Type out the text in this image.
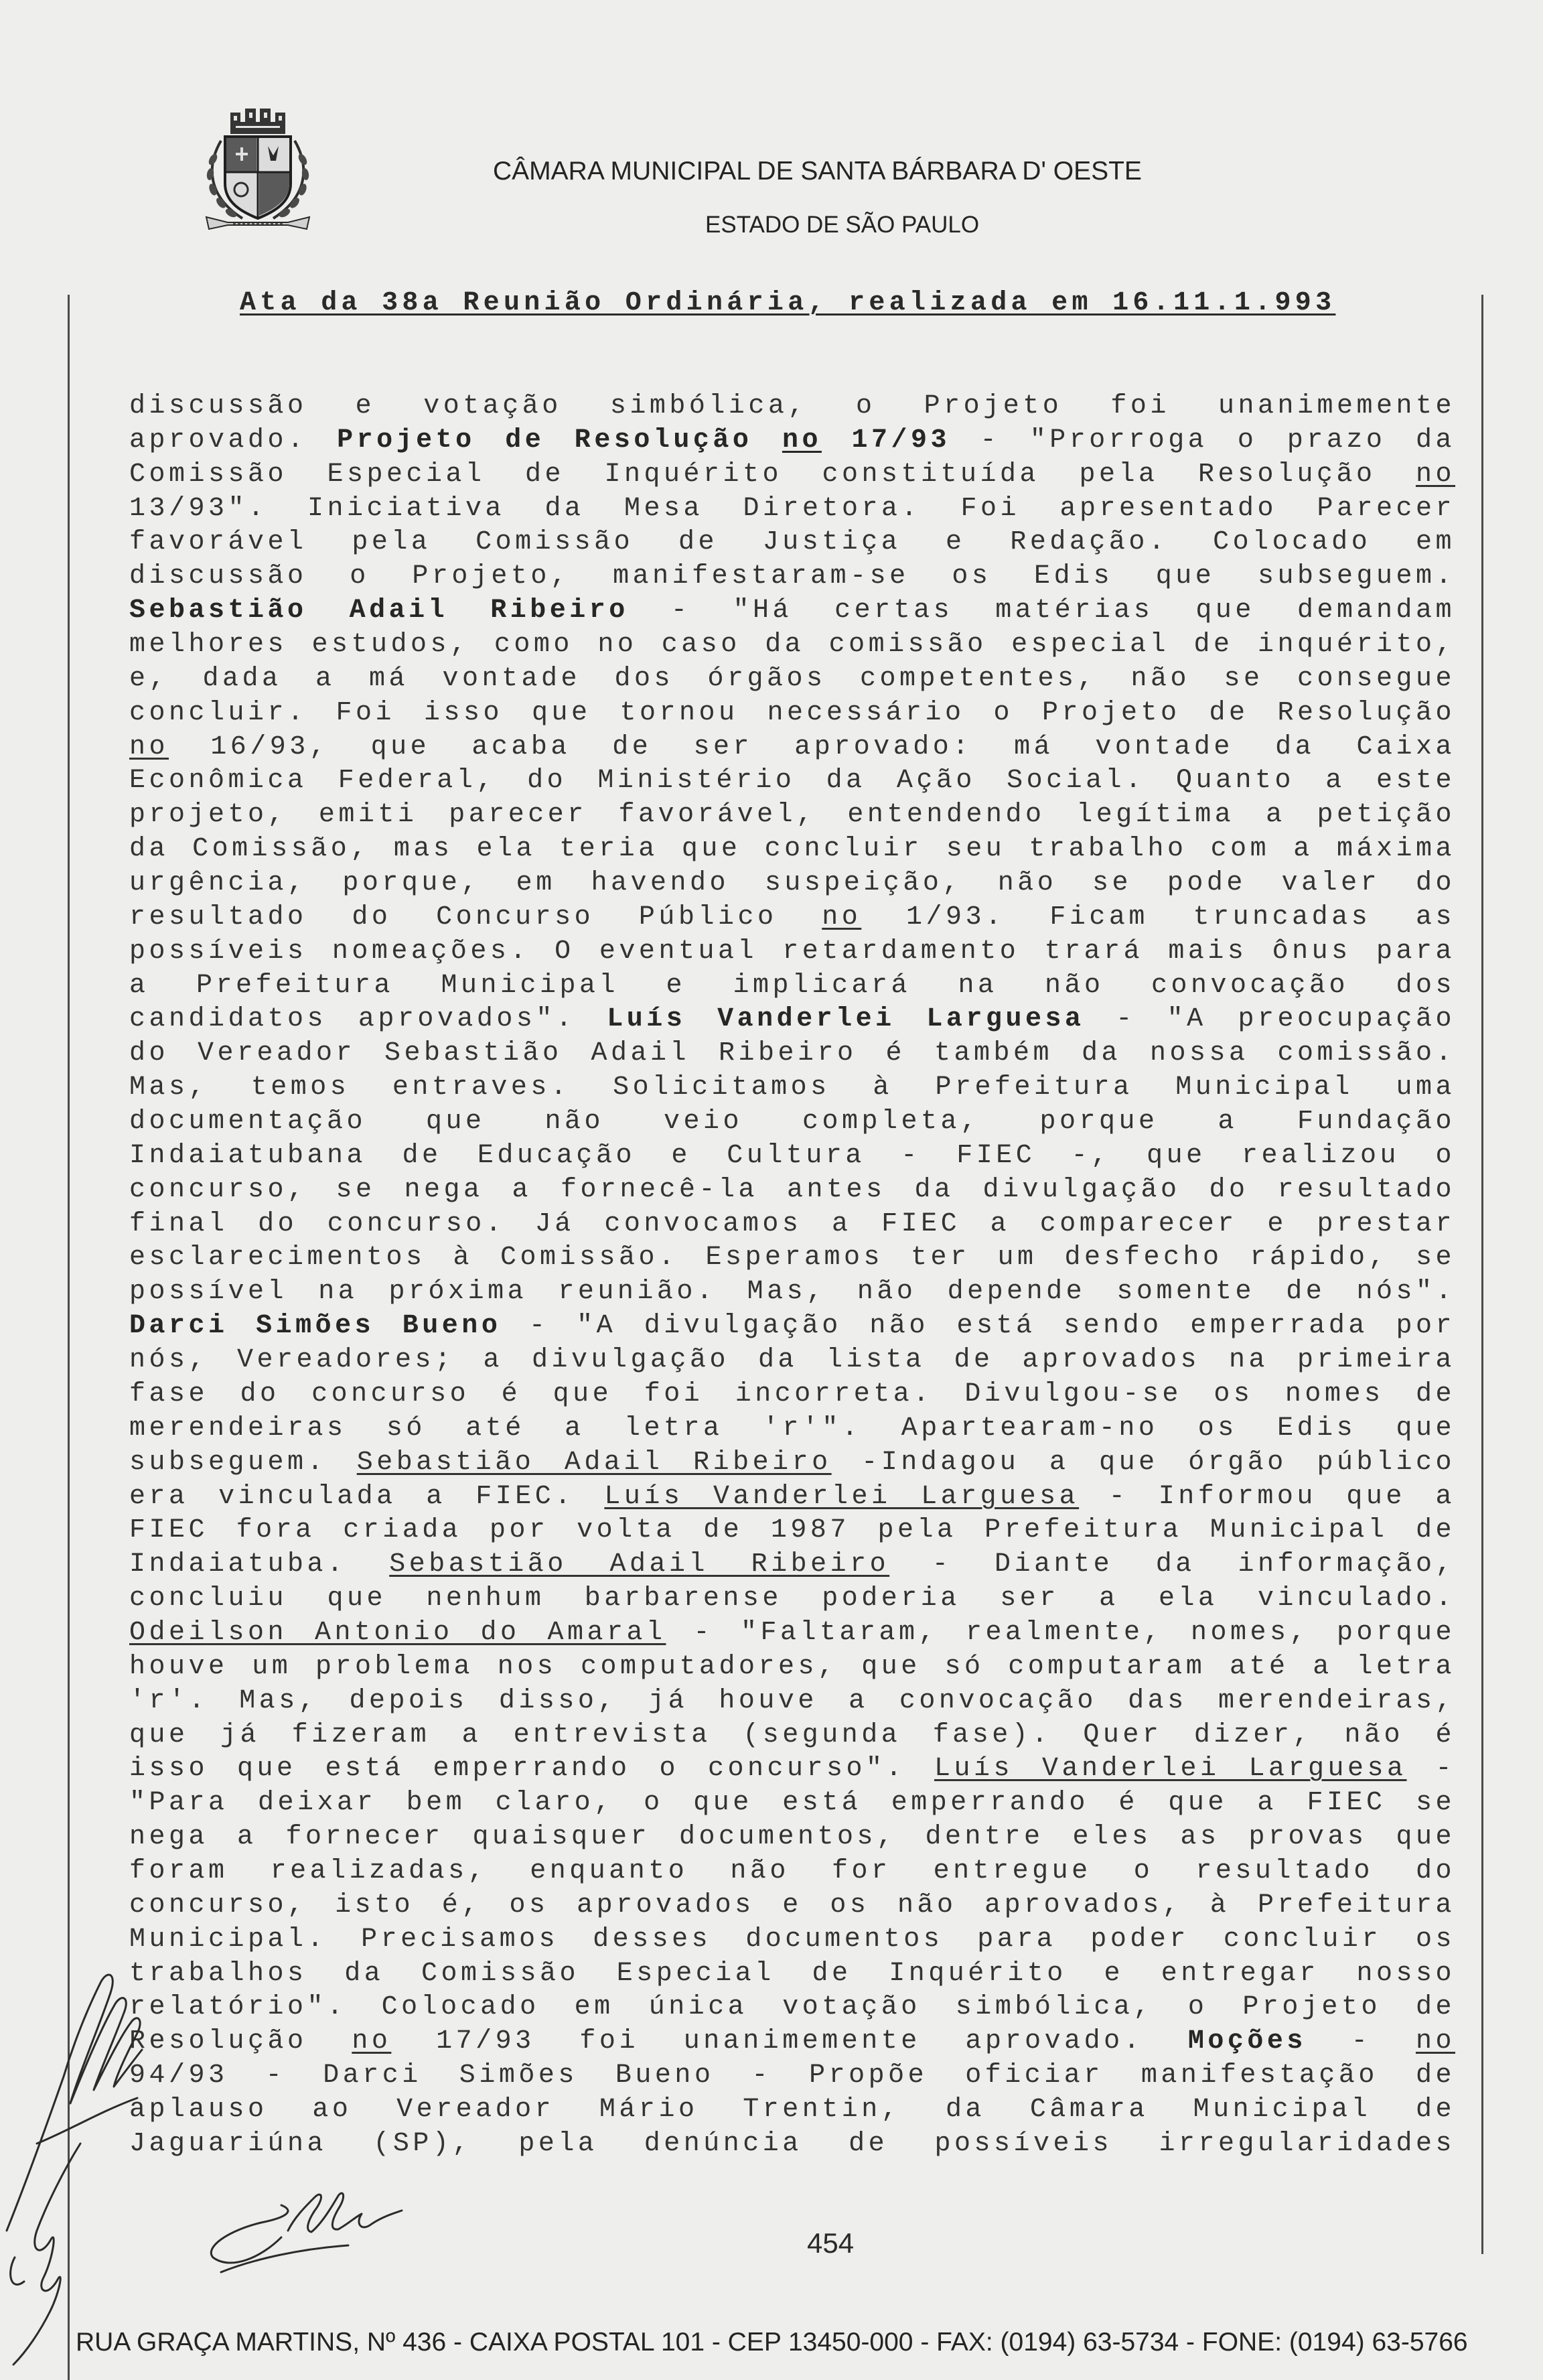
CÂMARA MUNICIPAL DE SANTA BÁRBARA D' OESTE
ESTADO DE SÃO PAULO
Ata da 38a Reunião Ordinária, realizada em 16.11.1.993
discussão e votação simbólica, o Projeto foi unanimemente
aprovado. Projeto de Resolução no 17/93 - "Prorroga o prazo da
Comissão Especial de Inquérito constituída pela Resolução no
13/93". Iniciativa da Mesa Diretora. Foi apresentado Parecer
favorável pela Comissão de Justiça e Redação. Colocado em
discussão o Projeto, manifestaram-se os Edis que subseguem.
Sebastião Adail Ribeiro - "Há certas matérias que demandam
melhores estudos, como no caso da comissão especial de inquérito,
e, dada a má vontade dos órgãos competentes, não se consegue
concluir. Foi isso que tornou necessário o Projeto de Resolução
no 16/93, que acaba de ser aprovado: má vontade da Caixa
Econômica Federal, do Ministério da Ação Social. Quanto a este
projeto, emiti parecer favorável, entendendo legítima a petição
da Comissão, mas ela teria que concluir seu trabalho com a máxima
urgência, porque, em havendo suspeição, não se pode valer do
resultado do Concurso Público no 1/93. Ficam truncadas as
possíveis nomeações. O eventual retardamento trará mais ônus para
a Prefeitura Municipal e implicará na não convocação dos
candidatos aprovados". Luís Vanderlei Larguesa - "A preocupação
do Vereador Sebastião Adail Ribeiro é também da nossa comissão.
Mas, temos entraves. Solicitamos à Prefeitura Municipal uma
documentação que não veio completa, porque a Fundação
Indaiatubana de Educação e Cultura - FIEC -, que realizou o
concurso, se nega a fornecê-la antes da divulgação do resultado
final do concurso. Já convocamos a FIEC a comparecer e prestar
esclarecimentos à Comissão. Esperamos ter um desfecho rápido, se
possível na próxima reunião. Mas, não depende somente de nós".
Darci Simões Bueno - "A divulgação não está sendo emperrada por
nós, Vereadores; a divulgação da lista de aprovados na primeira
fase do concurso é que foi incorreta. Divulgou-se os nomes de
merendeiras só até a letra 'r'". Apartearam-no os Edis que
subseguem. Sebastião Adail Ribeiro -Indagou a que órgão público
era vinculada a FIEC. Luís Vanderlei Larguesa - Informou que a
FIEC fora criada por volta de 1987 pela Prefeitura Municipal de
Indaiatuba. Sebastião Adail Ribeiro - Diante da informação,
concluiu que nenhum barbarense poderia ser a ela vinculado.
Odeilson Antonio do Amaral - "Faltaram, realmente, nomes, porque
houve um problema nos computadores, que só computaram até a letra
'r'. Mas, depois disso, já houve a convocação das merendeiras,
que já fizeram a entrevista (segunda fase). Quer dizer, não é
isso que está emperrando o concurso". Luís Vanderlei Larguesa -
"Para deixar bem claro, o que está emperrando é que a FIEC se
nega a fornecer quaisquer documentos, dentre eles as provas que
foram realizadas, enquanto não for entregue o resultado do
concurso, isto é, os aprovados e os não aprovados, à Prefeitura
Municipal. Precisamos desses documentos para poder concluir os
trabalhos da Comissão Especial de Inquérito e entregar nosso
relatório". Colocado em única votação simbólica, o Projeto de
Resolução no 17/93 foi unanimemente aprovado. Moções - no
94/93 - Darci Simões Bueno - Propõe oficiar manifestação de
aplauso ao Vereador Mário Trentin, da Câmara Municipal de
Jaguariúna (SP), pela denúncia de possíveis irregularidades
454
RUA GRAÇA MARTINS, Nº 436 - CAIXA POSTAL 101 - CEP 13450-000 - FAX: (0194) 63-5734 - FONE: (0194) 63-5766
